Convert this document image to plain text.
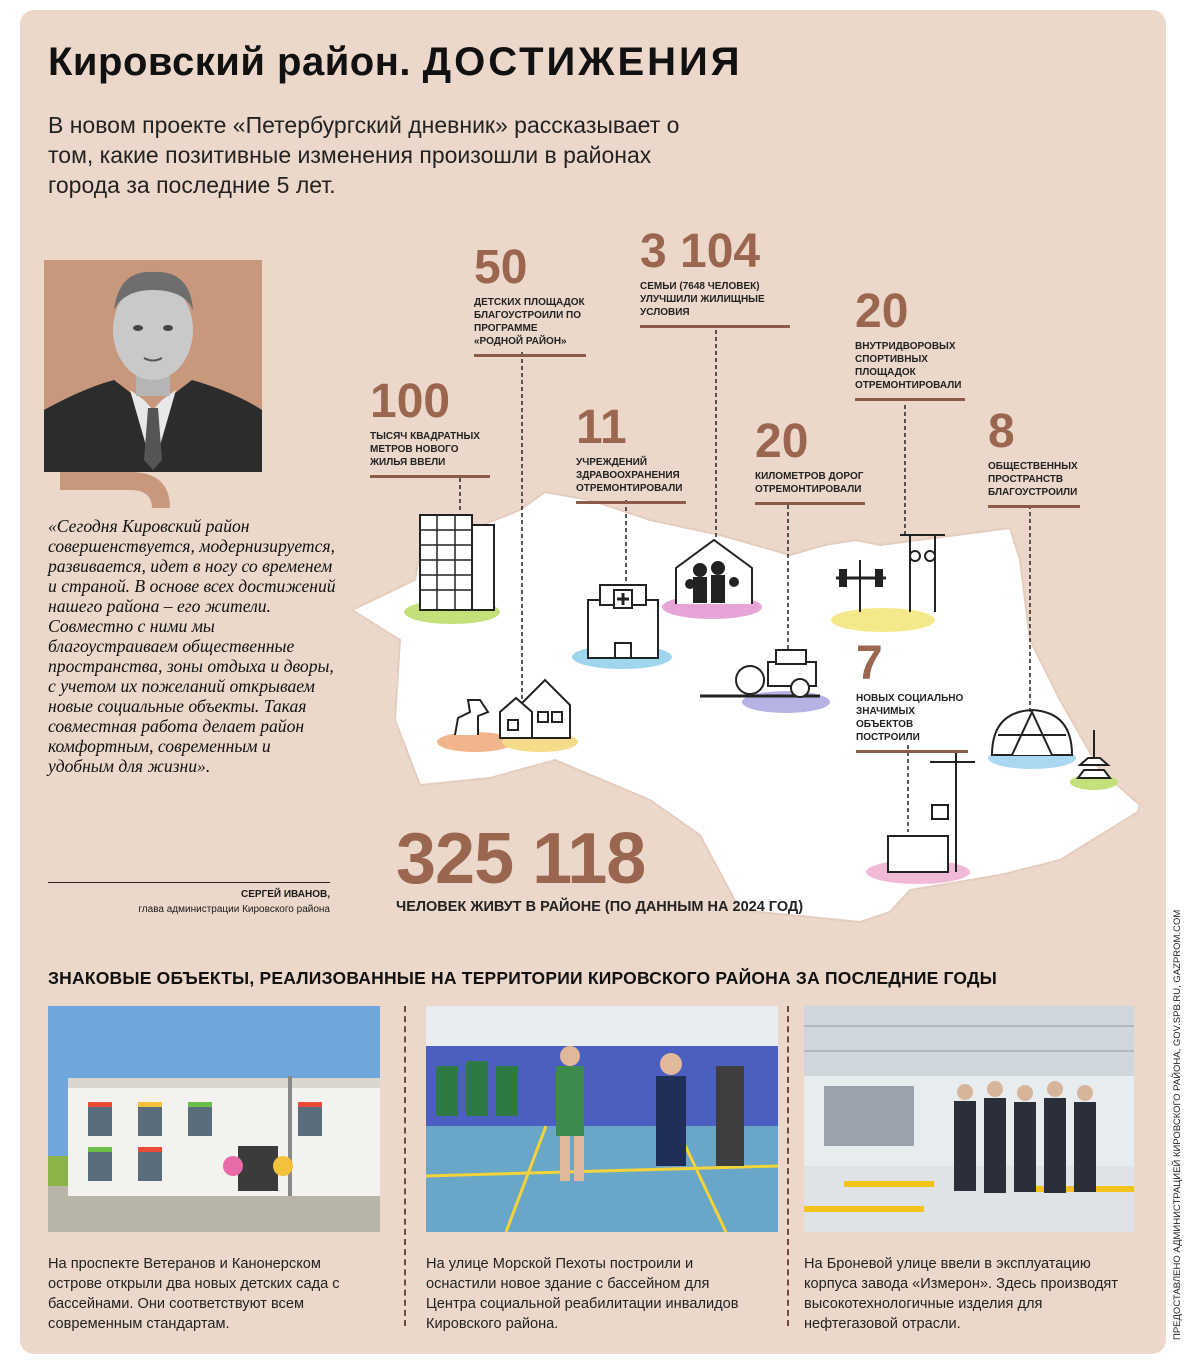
Кировский район. ДОСТИЖЕНИЯ
В новом проекте «Петербургский дневник» рассказывает о том, какие позитивные изменения произошли в районах города за последние 5 лет.
«Сегодня Кировский район совершенствуется, модернизируется, развивается, идет в ногу со временем и страной. В основе всех достижений нашего района – его жители. Совместно с ними мы благоустраиваем общественные пространства, зоны отдыха и дворы, с учетом их пожеланий открываем новые социальные объекты. Такая совместная работа делает район комфортным, современным и удобным для жизни».
СЕРГЕЙ ИВАНОВ,
глава администрации Кировского района
100
ТЫСЯЧ КВАДРАТНЫХ МЕТРОВ НОВОГО ЖИЛЬЯ ВВЕЛИ
50
ДЕТСКИХ ПЛОЩАДОК БЛАГОУСТРОИЛИ ПО ПРОГРАММЕ «РОДНОЙ РАЙОН»
11
УЧРЕЖДЕНИЙ ЗДРАВООХРАНЕНИЯ ОТРЕМОНТИРОВАЛИ
3 104
СЕМЬИ (7648 ЧЕЛОВЕК) УЛУЧШИЛИ ЖИЛИЩНЫЕ УСЛОВИЯ
20
КИЛОМЕТРОВ ДОРОГ ОТРЕМОНТИРОВАЛИ
20
ВНУТРИДВОРОВЫХ СПОРТИВНЫХ ПЛОЩАДОК ОТРЕМОНТИРОВАЛИ
8
ОБЩЕСТВЕННЫХ ПРОСТРАНСТВ БЛАГОУСТРОИЛИ
7
НОВЫХ СОЦИАЛЬНО ЗНАЧИМЫХ ОБЪЕКТОВ ПОСТРОИЛИ
325 118
ЧЕЛОВЕК ЖИВУТ В РАЙОНЕ (ПО ДАННЫМ НА 2024 ГОД)
ЗНАКОВЫЕ ОБЪЕКТЫ, РЕАЛИЗОВАННЫЕ НА ТЕРРИТОРИИ КИРОВСКОГО РАЙОНА ЗА ПОСЛЕДНИЕ ГОДЫ
На проспекте Ветеранов и Канонерском острове открыли два новых детских сада с бассейнами. Они соответствуют всем современным стандартам.
На улице Морской Пехоты построили и оснастили новое здание с бассейном для Центра социальной реабилитации инвалидов Кировского района.
На Броневой улице ввели в эксплуатацию корпуса завода «Измерон». Здесь производят высокотехнологичные изделия для нефтегазовой отрасли.	ПРЕДОСТАВЛЕНО АДМИНИСТРАЦИЕЙ КИРОВСКОГО РАЙОНА, GOV.SPB.RU, GAZPROM.COM
